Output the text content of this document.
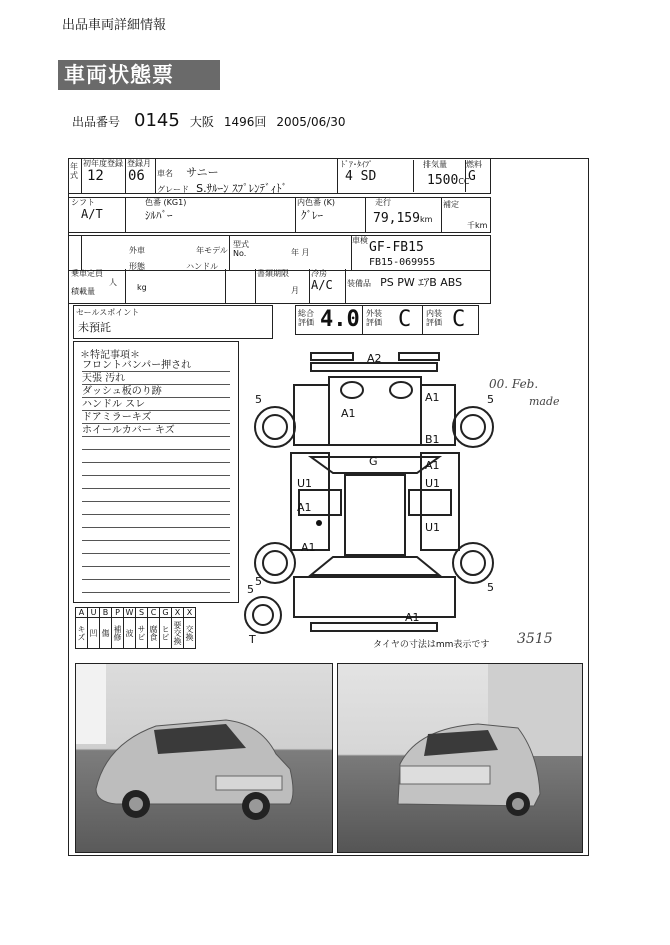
出品車両詳細情報
車両状態票
出品番号 0145 大阪 1496回 2005/06/30
年式
初年度登録
12
登録月
06	車名 サニー
グレード S.ｻﾙｰﾝ ｽﾌﾟﾚﾝﾃﾞｨﾄﾞ
ﾄﾞｱ･ﾀｲﾌﾟ
4 SD
排気量
1500CC
燃料
G
シフト
A/T
色番 (KG1)
ｼﾙﾊﾞｰ
内色番 (K)
ｸﾞﾚｰ
走行
79,159km
補定
千km
外車	年モデル
形態	ハンドル
型式
No.	年 月
車検 GF-FB15
FB15-069955
乗車定員
人
積載量	kg
書類期限
月
冷房
A/C	装備品 PS PW ｴｱB ABS
セールスポイント
未預託
総合評価 4.0 外装評価 C 内装評価 C
＊特記事項＊
フロントバンパー押され
天張 汚れ
ダッシュ板のり跡
ハンドル スレ
ドアミラーキズ
ホイールカバー キズ
A	U	B	P	W	S	C	G	X	X
キズ	凹	傷	補修	波	サビ	腐食	ヒビ	要交換	交換
A2
5
A1
A1
B1
G	A1
U1	U1
A1
U1
A1
5
5
5
5
A1
T	タイヤの寸法はmm表示です
00. Feb.
made
3515
